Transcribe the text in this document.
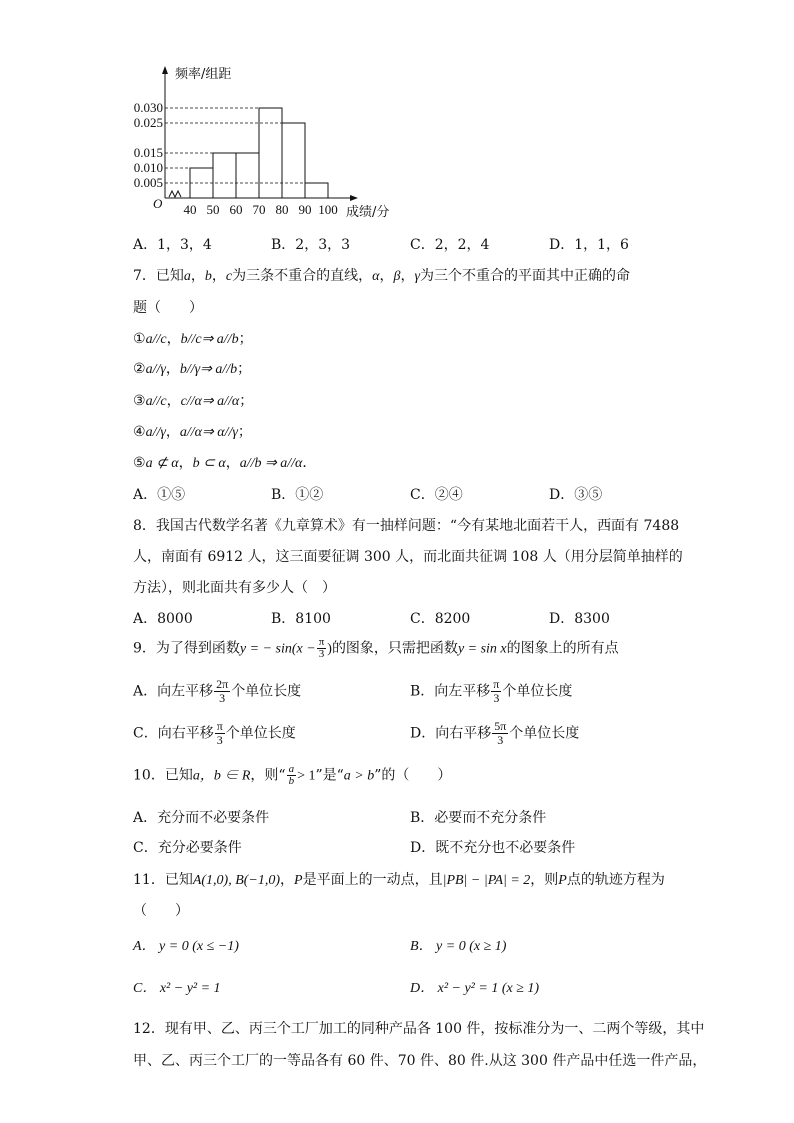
频率/组距
成绩/分
O
0.030
0.025
0.015
0.010
0.005
40 50 60 70 80 90 100
A．1，3，4	B．2，3，3	C．2，2，4	D．1，1，6
7．已知a，b，c为三条不重合的直线，α，β，γ为三个不重合的平面其中正确的命
题（　　）
①a//c，b//c⇒ a//b；
②a//γ，b//γ⇒ a//b；
③a//c，c//α⇒ a//α；
④a//γ，a//α⇒ α//γ；
⑤a ⊄ α，b ⊂ α，a//b ⇒ a//α．
A．①⑤	B．①②	C．②④	D．③⑤
8．我国古代数学名著《九章算术》有一抽样问题：“今有某地北面若干人，西面有 7488
人，南面有 6912 人，这三面要征调 300 人，而北面共征调 108 人（用分层简单抽样的
方法），则北面共有多少人（　）
A．8000	B．8100	C．8200	D．8300
9．为了得到函数y = − $\sin(x - \frac{\pi}{3}$ )的图象，只需把函数y = sin x的图象上的所有点
A．向左平移 $\frac{2\pi}{3}$ 个单位长度	B．向左平移 $\frac{\pi}{3}$ 个单位长度
C．向右平移 $\frac{\pi}{3}$ 个单位长度	D．向右平移 $\frac{5\pi}{3}$ 个单位长度
10．已知a，b ∈ R，则“ $\frac{a}{b} > 1$”是“a > b”的（　　）
A．充分而不必要条件	B．必要而不充分条件
C．充分必要条件	D．既不充分也不必要条件
11．已知A(1,0), B(−1,0)，P是平面上的一动点，且|PB| − |PA| = 2，则P点的轨迹方程为
（　　）
A． y = 0 (x ≤ −1)	B． y = 0 (x ≥ 1)
C． x² − y² = 1	D． x² − y² = 1 (x ≥ 1)
12．现有甲、乙、丙三个工厂加工的同种产品各 100 件，按标准分为一、二两个等级，其中
甲、乙、丙三个工厂的一等品各有 60 件、70 件、80 件.从这 300 件产品中任选一件产品，
